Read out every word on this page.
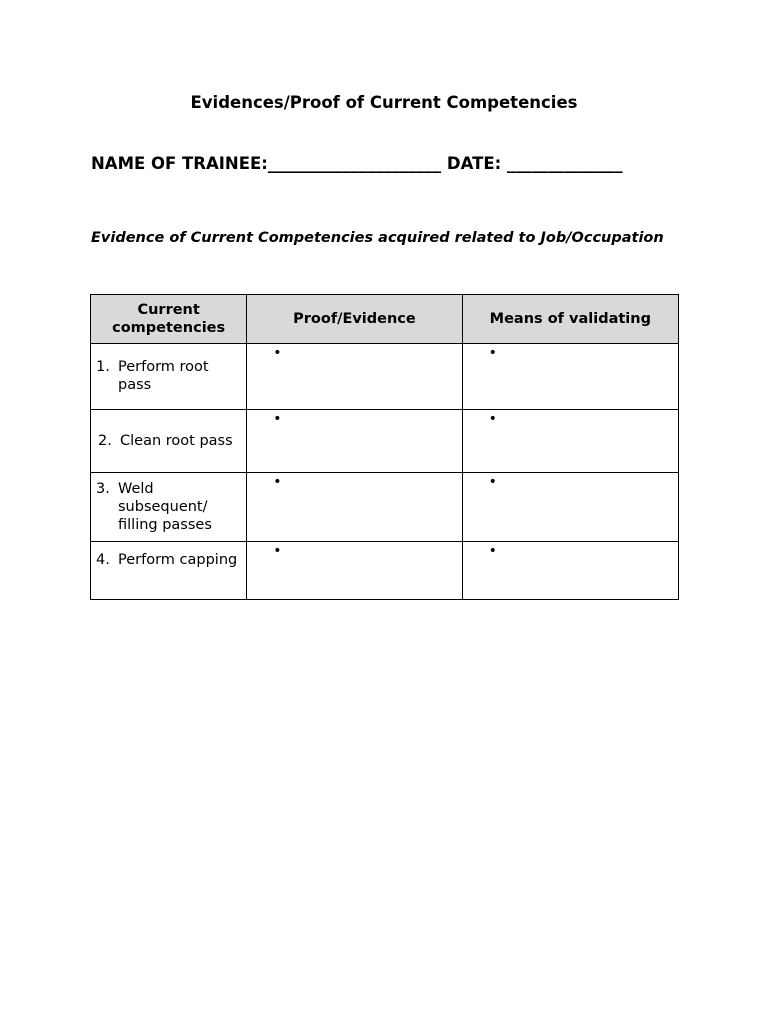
Evidences/Proof of Current Competencies
NAME OF TRAINEE:_____________________ DATE: ______________
Evidence of Current Competencies acquired related to Job/Occupation
Current competencies	Proof/Evidence	Means of validating

1. Perform root pass	•	•

2. Clean root pass	•	•

3. Weld subsequent/ filling passes	•	•

4. Perform capping	•	•
